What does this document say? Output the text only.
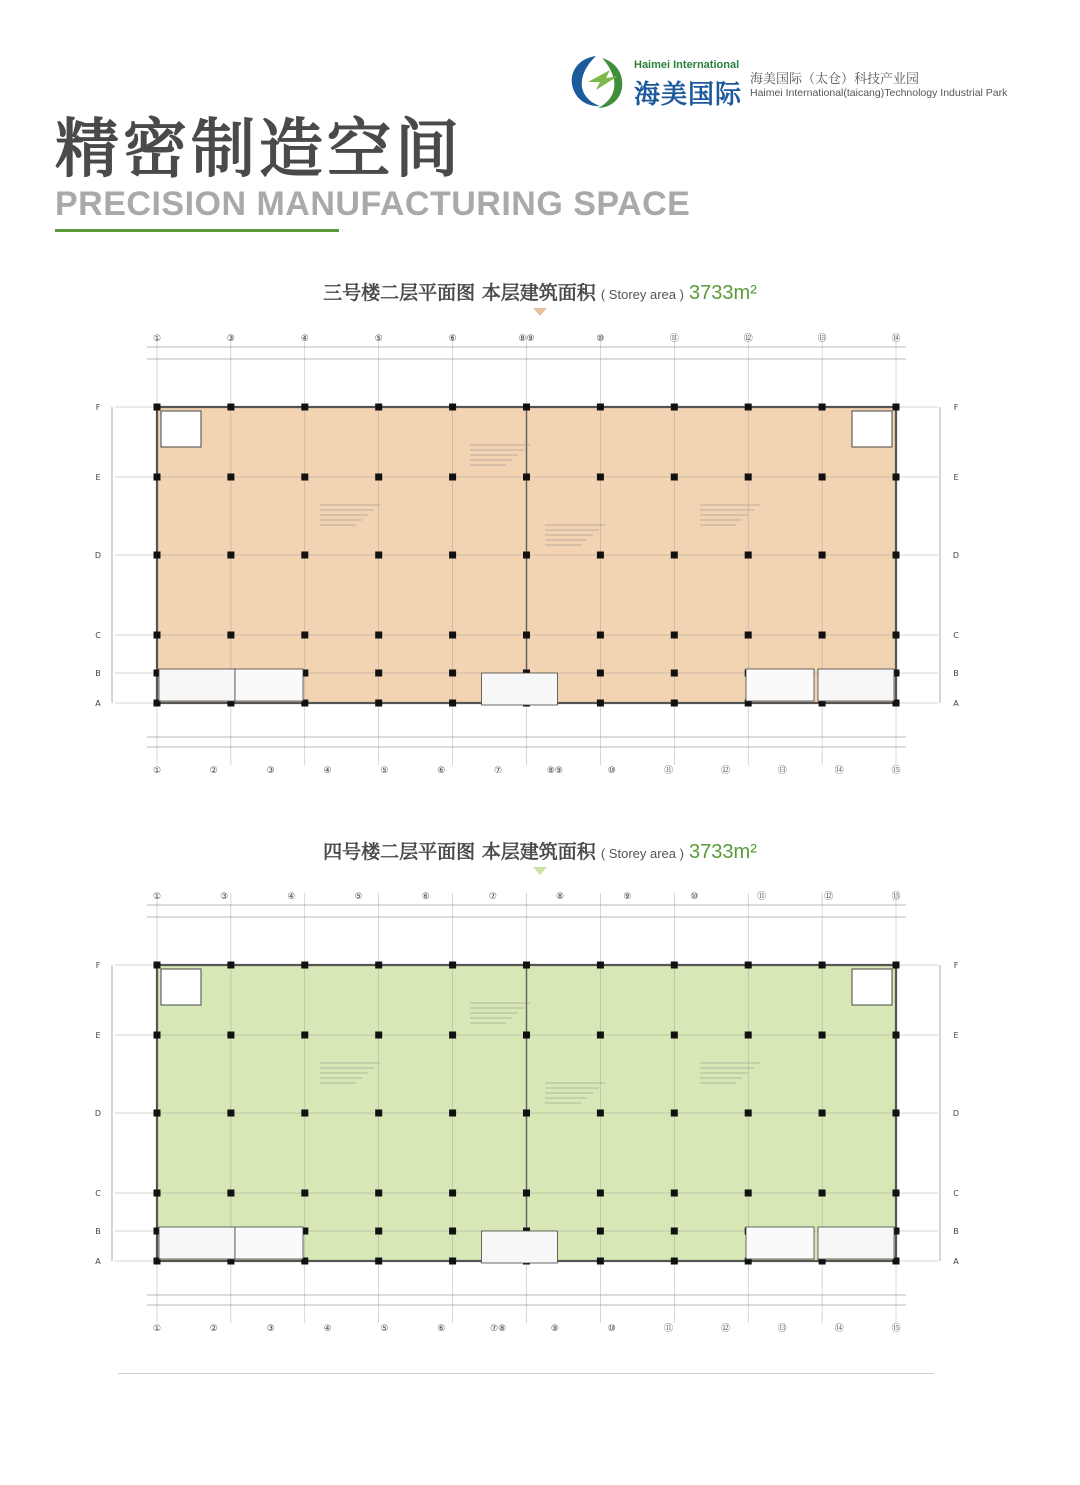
Haimei International
海美国际
海美国际（太仓）科技产业园
Haimei International(taicang)Technology Industrial Park
精密制造空间
PRECISION MANUFACTURING SPACE
三号楼二层平面图 本层建筑面积 ( Storey area ) 3733m²
①	③	④	⑤	⑥	⑧⑨	⑩	⑪	⑫	⑬	⑭
①	②	③	④	⑤	⑥	⑦	⑧⑨	⑩	⑪	⑫	⑬	⑭	⑮
F	F
E	E
D	D
C	C
B	B
A	A
四号楼二层平面图 本层建筑面积 ( Storey area ) 3733m²
①	③	④	⑤	⑥	⑦	⑧	⑨	⑩	⑪	⑫	⑬
①	②	③	④	⑤	⑥	⑦⑧	⑨	⑩	⑪	⑫	⑬	⑭	⑮
F	F
E	E
D	D
C	C
B	B
A	A
